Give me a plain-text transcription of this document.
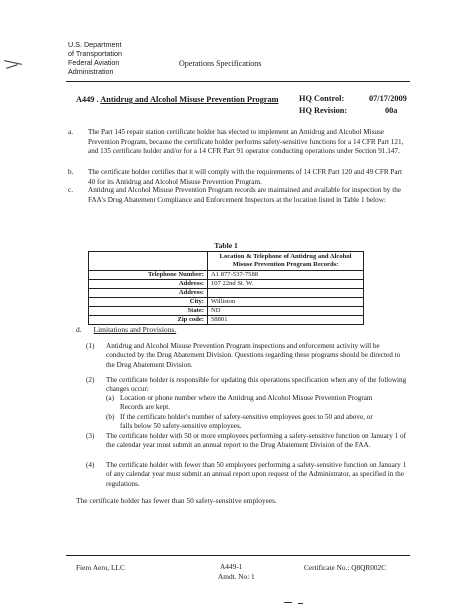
U.S. Department
of Transportation
Federal Aviation
Administration
Operations Specifications
A449 . Antidrug and Alcohol Misuse Prevention Program HQ Control:	07/17/2009
HQ Revision:	00a
a. The Part 145 repair station certificate holder has elected to implement an Antidrug and Alcohol Misuse Prevention Program, because the certificate holder performs safety-sensitive functions for a 14 CFR Part 121, and 135 certificate holder and/or for a 14 CFR Part 91 operator conducting operations under Section 91.147.
b. The certificate holder certifies that it will comply with the requirements of 14 CFR Part 120 and 49 CFR Part 40 for its Antidrug and Alcohol Misuse Prevention Program.
c. Antidrug and Alcohol Misuse Prevention Program records are maintained and available for inspection by the FAA's Drug Abatement Compliance and Enforcement Inspectors at the location listed in Table 1 below:
Table 1
	Location & Telephone of Antidrug and Alcohol Misuse Prevention Program Records:
Telephone Number:	A1 877-537-7588
Address:	107 22nd St. W.
Address:	
City:	Williston
State:	ND
Zip code:	58801
d. Limitations and Provisions.
(1) Antidrug and Alcohol Misuse Prevention Program inspections and enforcement activity will be conducted by the Drug Abatement Division. Questions regarding these programs should be directed to the Drug Abatement Division.
(2) The certificate holder is responsible for updating this operations specification when any of the following changes occur:
(a) Location or phone number where the Antidrug and Alcohol Misuse Prevention Program Records are kept.
(b) If the certificate holder's number of safety-sensitive employees goes to 50 and above, or falls below 50 safety-sensitive employees.
(3) The certificate holder with 50 or more employees performing a safety-sensitive function on January 1 of the calendar year must submit an annual report to the Drug Abatement Division of the FAA.
(4) The certificate holder with fewer than 50 employees performing a safety-sensitive function on January 1 of any calendar year must submit an annual report upon request of the Administrator, as specified in the regulations.
The certificate holder has fewer than 50 safety-sensitive employees.
Fiero Aero, LLC	A449-1
Amdt. No: 1
Certificate No.: Q8QR002C
